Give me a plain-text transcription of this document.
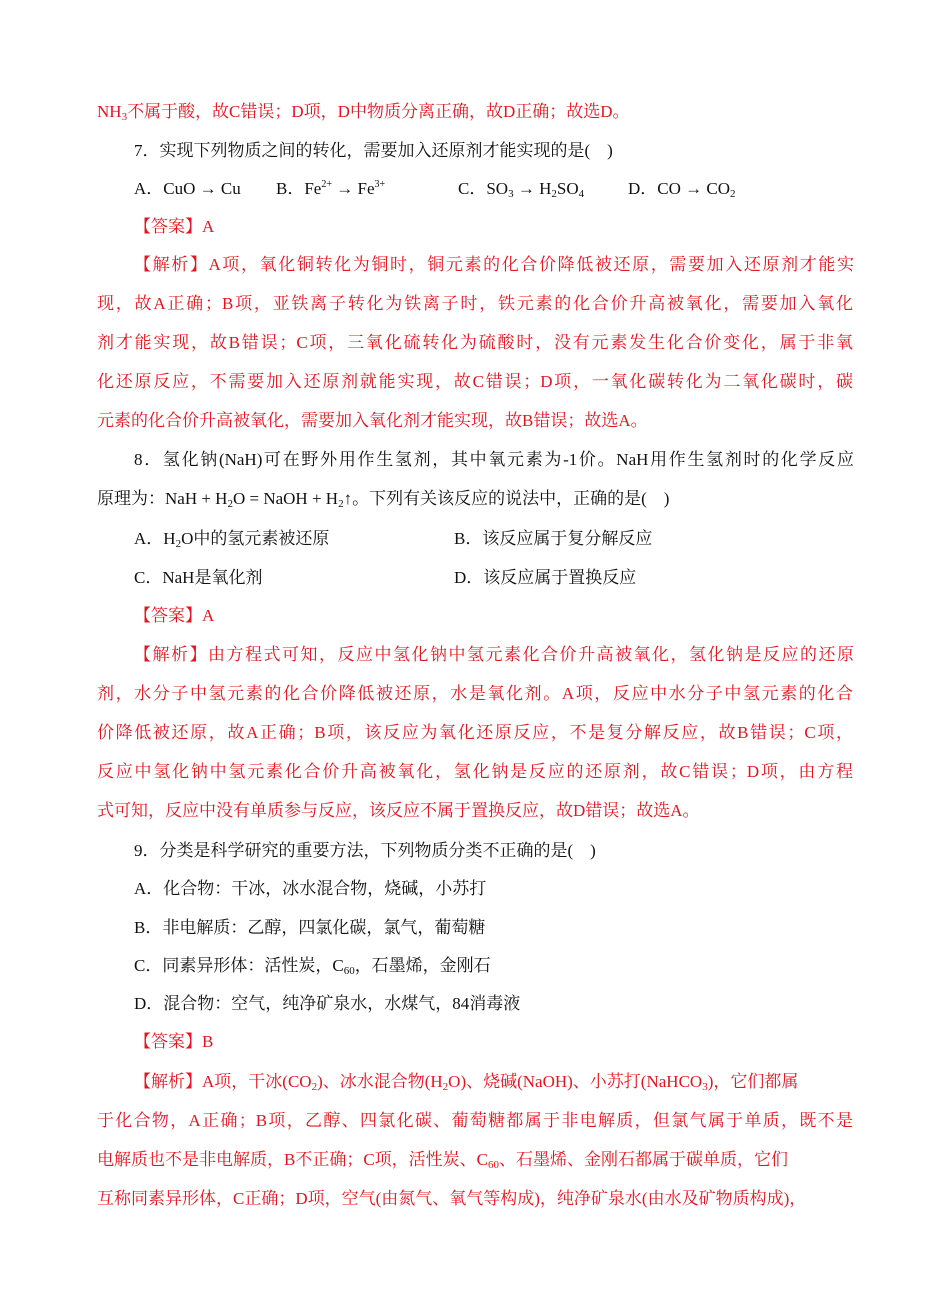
$NH_3$不属于酸，故C错误；D项，D中物质分离正确，故D正确；故选D。
7．实现下列物质之间的转化，需要加入还原剂才能实现的是(　)
A．CuO → Cu B．$Fe^{2+} \to Fe^{3+}$	C．$SO_3 \to H_2SO_4$	D．CO → $CO_2$
【答案】A
【解析】A项，氧化铜转化为铜时，铜元素的化合价降低被还原，需要加入还原剂才能实
现，故A正确；B项，亚铁离子转化为铁离子时，铁元素的化合价升高被氧化，需要加入氧化
剂才能实现，故B错误；C项，三氧化硫转化为硫酸时，没有元素发生化合价变化，属于非氧
化还原反应，不需要加入还原剂就能实现，故C错误；D项，一氧化碳转化为二氧化碳时，碳
元素的化合价升高被氧化，需要加入氧化剂才能实现，故B错误；故选A。
8．氢化钠(NaH)可在野外用作生氢剂，其中氧元素为-1价。NaH用作生氢剂时的化学反应
原理为：NaH + $H_2O$ = NaOH + $H_2↑$。下列有关该反应的说法中，正确的是(　)
A．$H_2O$中的氢元素被还原	B．该反应属于复分解反应
C．NaH是氧化剂	D．该反应属于置换反应
【答案】A
【解析】由方程式可知，反应中氢化钠中氢元素化合价升高被氧化，氢化钠是反应的还原
剂，水分子中氢元素的化合价降低被还原，水是氧化剂。A项，反应中水分子中氢元素的化合
价降低被还原，故A正确；B项，该反应为氧化还原反应，不是复分解反应，故B错误；C项，
反应中氢化钠中氢元素化合价升高被氧化，氢化钠是反应的还原剂，故C错误；D项，由方程
式可知，反应中没有单质参与反应，该反应不属于置换反应，故D错误；故选A。
9．分类是科学研究的重要方法，下列物质分类不正确的是(　)
A．化合物：干冰，冰水混合物，烧碱，小苏打
B．非电解质：乙醇，四氯化碳，氯气，葡萄糖
C．同素异形体：活性炭，$C_{60}$，石墨烯，金刚石
D．混合物：空气，纯净矿泉水，水煤气，84消毒液
【答案】B
【解析】A项，干冰$(CO_2)$、冰水混合物$(H_2O)$、烧碱(NaOH)、小苏打(NaHCO$_3$)，它们都属
于化合物，A正确；B项，乙醇、四氯化碳、葡萄糖都属于非电解质，但氯气属于单质，既不是
电解质也不是非电解质，B不正确；C项，活性炭、$C_{60}$、石墨烯、金刚石都属于碳单质，它们
互称同素异形体，C正确；D项，空气(由氮气、氧气等构成)，纯净矿泉水(由水及矿物质构成)，
